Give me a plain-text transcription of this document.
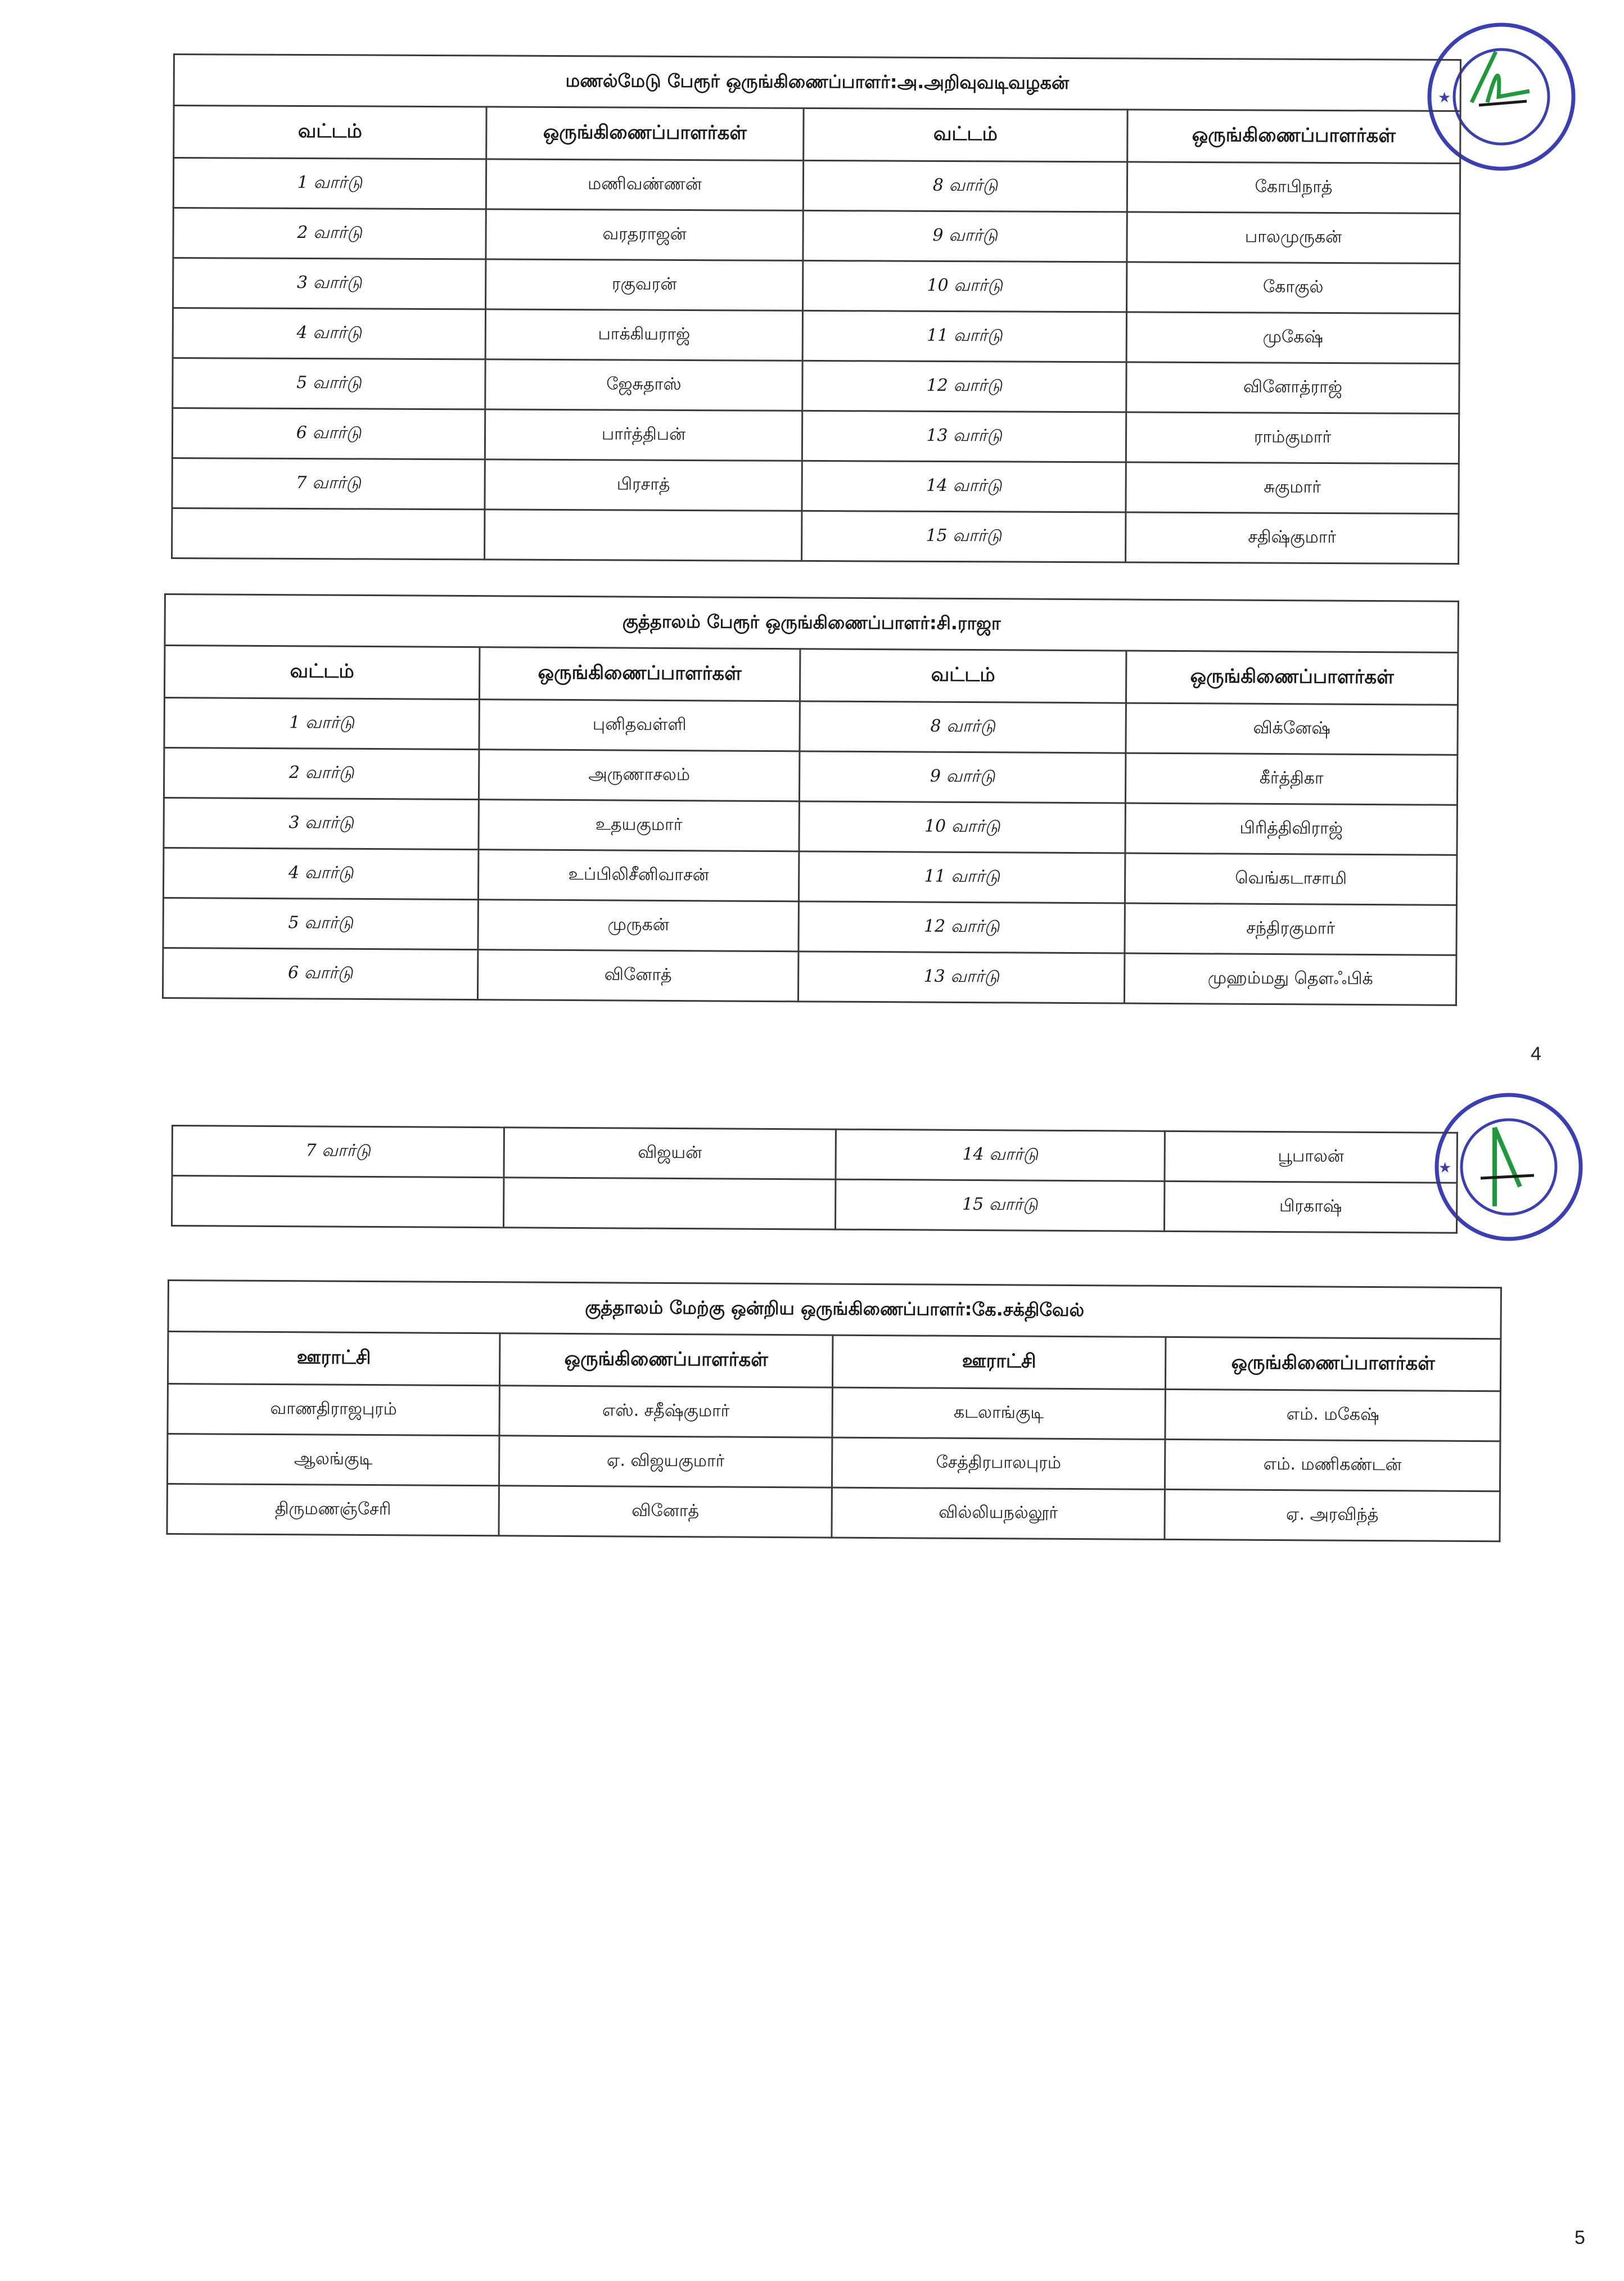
★
★
மணல்மேடு பேரூர் ஒருங்கிணைப்பாளர்:அ.அறிவுவடிவழகன்			
வட்டம்	ஒருங்கிணைப்பாளர்கள்	வட்டம்	ஒருங்கிணைப்பாளர்கள்
1 வார்டு	மணிவண்ணன்	8 வார்டு	கோபிநாத்
2 வார்டு	வரதராஜன்	9 வார்டு	பாலமுருகன்
3 வார்டு	ரகுவரன்	10 வார்டு	கோகுல்
4 வார்டு	பாக்கியராஜ்	11 வார்டு	முகேஷ்
5 வார்டு	ஜேசுதாஸ்	12 வார்டு	வினோத்ராஜ்
6 வார்டு	பார்த்திபன்	13 வார்டு	ராம்குமார்
7 வார்டு	பிரசாத்	14 வார்டு	சுகுமார்
		15 வார்டு	சதிஷ்குமார்
குத்தாலம் பேரூர் ஒருங்கிணைப்பாளர்:சி.ராஜா			
வட்டம்	ஒருங்கிணைப்பாளர்கள்	வட்டம்	ஒருங்கிணைப்பாளர்கள்
1 வார்டு	புனிதவள்ளி	8 வார்டு	விக்னேஷ்
2 வார்டு	அருணாசலம்	9 வார்டு	கீர்த்திகா
3 வார்டு	உதயகுமார்	10 வார்டு	பிரித்திவிராஜ்
4 வார்டு	உப்பிலிசீனிவாசன்	11 வார்டு	வெங்கடாசாமி
5 வார்டு	முருகன்	12 வார்டு	சந்திரகுமார்
6 வார்டு	வினோத்	13 வார்டு	முஹம்மது தௌஃபிக்
4
7 வார்டு	விஜயன்	14 வார்டு	பூபாலன்
		15 வார்டு	பிரகாஷ்
குத்தாலம் மேற்கு ஒன்றிய ஒருங்கிணைப்பாளர்:கே.சக்திவேல்			
ஊராட்சி	ஒருங்கிணைப்பாளர்கள்	ஊராட்சி	ஒருங்கிணைப்பாளர்கள்
வாணதிராஜபுரம்	எஸ். சதீஷ்குமார்	கடலாங்குடி	எம். மகேஷ்
ஆலங்குடி	ஏ. விஜயகுமார்	சேத்திரபாலபுரம்	எம். மணிகண்டன்
திருமணஞ்சேரி	வினோத்	வில்லியநல்லூர்	ஏ. அரவிந்த்
5
